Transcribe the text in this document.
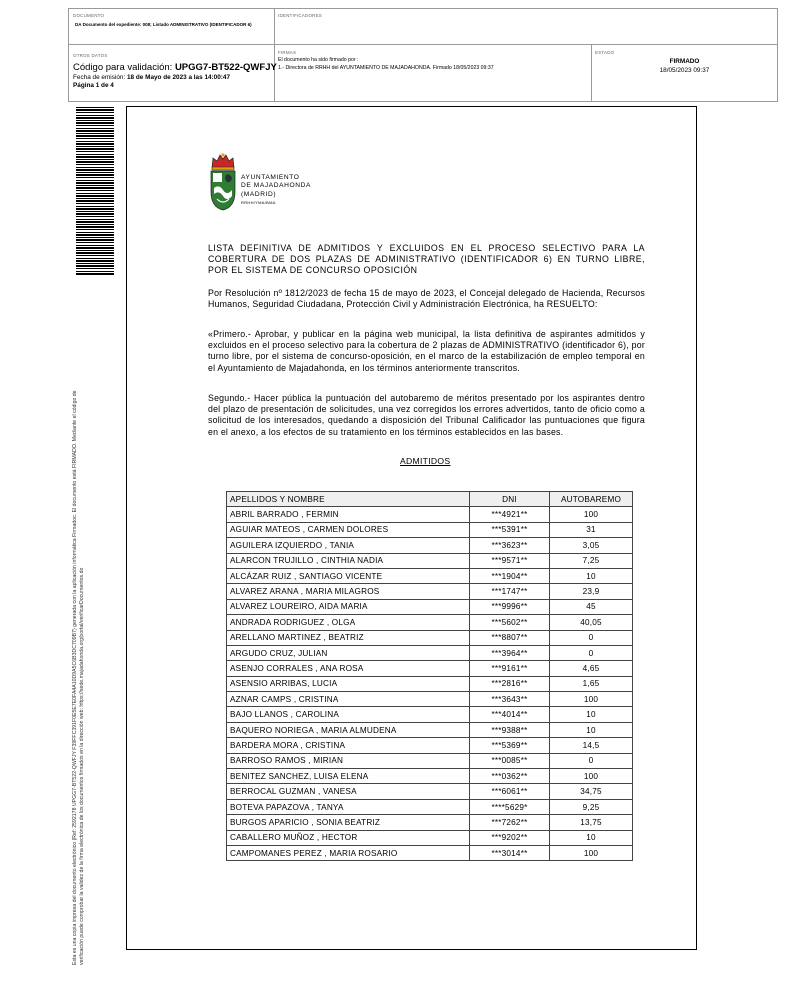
DOCUMENTO
DA Documento del expediente: 008; Listado ADMINISTRATIVO (IDENTIFICADOR 6)
IDENTIFICADORES
OTROS DATOS
Código para validación: UPGG7-BT522-QWFJY
Fecha de emisión: 18 de Mayo de 2023 a las 14:00:47
Página 1 de 4
FIRMAS
El documento ha sido firmado por :
1.- Directora de RRHH del AYUNTAMIENTO DE MAJADAHONDA. Firmado 18/05/2023 09:37
ESTADO
FIRMADO
18/05/2023 09:37
Esta es una copia impresa del documento electrónico (Ref: 2592178 UPGG7-BT522-QWFJY F39FFC391F0E5E7E0FA4A10D9A5C6B3DC709B7) generada con la aplicación informática Firmadoc. El documento está FIRMADO. Mediante el código de verificación puede comprobar la validez de la firma electrónica de los documentos firmados en la dirección web: https://sede.majadahonda.org/portal/verificarDocumentos.do
AYUNTAMIENTO
DE MAJADAHONDA
(MADRID)
RRHH/YMA/BMA
LISTA DEFINITIVA DE ADMITIDOS Y EXCLUIDOS EN EL PROCESO SELECTIVO PARA LA COBERTURA DE DOS PLAZAS DE ADMINISTRATIVO (IDENTIFICADOR 6) EN TURNO LIBRE, POR EL SISTEMA DE CONCURSO OPOSICIÓN
Por Resolución nº 1812/2023 de fecha 15 de mayo de 2023, el Concejal delegado de Hacienda, Recursos Humanos, Seguridad Ciudadana, Protección Civil y Administración Electrónica, ha RESUELTO:
«Primero.- Aprobar, y publicar en la página web municipal, la lista definitiva de aspirantes admitidos y excluidos en el proceso selectivo para la cobertura de 2 plazas de ADMINISTRATIVO (identificador 6), por turno libre, por el sistema de concurso-oposición, en el marco de la estabilización de empleo temporal en el Ayuntamiento de Majadahonda, en los términos anteriormente transcritos.
Segundo.- Hacer pública la puntuación del autobaremo de méritos presentado por los aspirantes dentro del plazo de presentación de solicitudes, una vez corregidos los errores advertidos, tanto de oficio como a solicitud de los interesados, quedando a disposición del Tribunal Calificador las puntuaciones que figura en el anexo, a los efectos de su tratamiento en los términos establecidos en las bases.
ADMITIDOS
APELLIDOS Y NOMBRE	DNI	AUTOBAREMO
ABRIL BARRADO , FERMIN	***4921**	100
AGUIAR MATEOS , CARMEN DOLORES	***5391**	31
AGUILERA IZQUIERDO , TANIA	***3623**	3,05
ALARCON TRUJILLO , CINTHIA NADIA	***9571**	7,25
ALCÁZAR RUIZ , SANTIAGO VICENTE	***1904**	10
ALVAREZ ARANA , MARIA MILAGROS	***1747**	23,9
ALVAREZ LOUREIRO, AIDA MARIA	***9996**	45
ANDRADA RODRIGUEZ , OLGA	***5602**	40,05
ARELLANO MARTINEZ , BEATRIZ	***8807**	0
ARGUDO CRUZ, JULIAN	***3964**	0
ASENJO CORRALES , ANA ROSA	***9161**	4,65
ASENSIO ARRIBAS, LUCIA	***2816**	1,65
AZNAR CAMPS , CRISTINA	***3643**	100
BAJO LLANOS , CAROLINA	***4014**	10
BAQUERO NORIEGA , MARIA ALMUDENA	***9388**	10
BARDERA MORA , CRISTINA	***5369**	14,5
BARROSO RAMOS , MIRIAN	***0085**	0
BENITEZ SANCHEZ, LUISA ELENA	***0362**	100
BERROCAL GUZMAN , VANESA	***6061**	34,75
BOTEVA PAPAZOVA , TANYA	****5629*	9,25
BURGOS APARICIO , SONIA BEATRIZ	***7262**	13,75
CABALLERO MUÑOZ , HECTOR	***9202**	10
CAMPOMANES PEREZ , MARIA ROSARIO	***3014**	100
